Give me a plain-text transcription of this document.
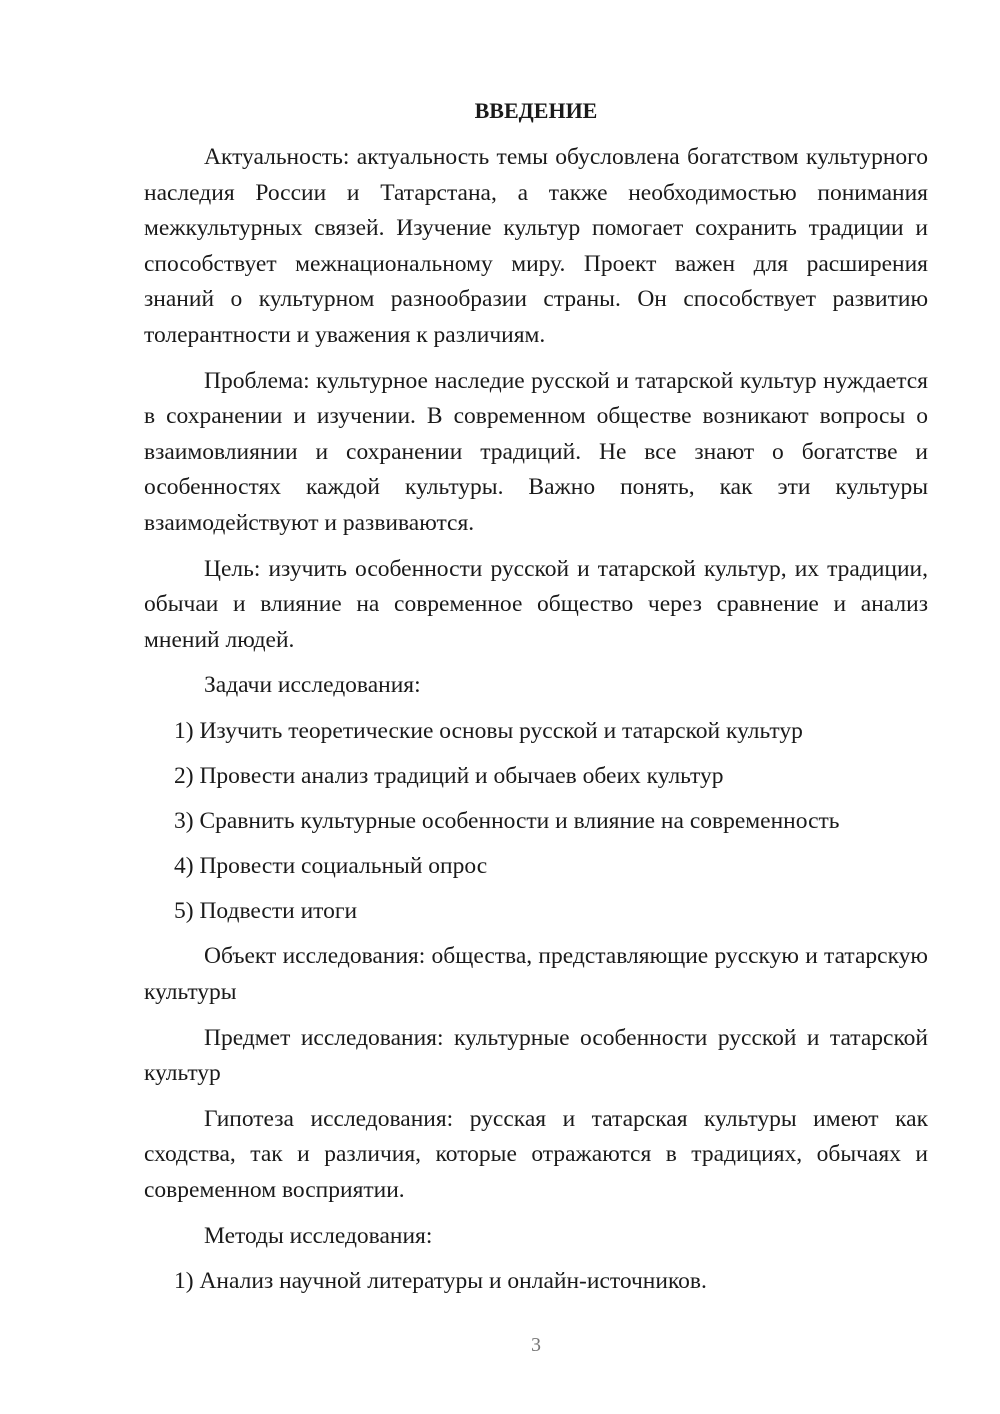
ВВЕДЕНИЕ

Актуальность: актуальность темы обусловлена богатством культурного наследия России и Татарстана, а также необходимостью понимания межкультурных связей. Изучение культур помогает сохранить традиции и способствует межнациональному миру. Проект важен для расширения знаний о культурном разнообразии страны. Он способствует развитию толерантности и уважения к различиям.

Проблема: культурное наследие русской и татарской культур нуждается в сохранении и изучении. В современном обществе возникают вопросы о взаимовлиянии и сохранении традиций. Не все знают о богатстве и особенностях каждой культуры. Важно понять, как эти культуры взаимодействуют и развиваются.

Цель: изучить особенности русской и татарской культур, их традиции, обычаи и влияние на современное общество через сравнение и анализ мнений людей.

Задачи исследования:

1) Изучить теоретические основы русской и татарской культур
2) Провести анализ традиций и обычаев обеих культур
3) Сравнить культурные особенности и влияние на современность
4) Провести социальный опрос
5) Подвести итоги

Объект исследования: общества, представляющие русскую и татарскую культуры

Предмет исследования: культурные особенности русской и татарской культур

Гипотеза исследования: русская и татарская культуры имеют как сходства, так и различия, которые отражаются в традициях, обычаях и современном восприятии.

Методы исследования:

1) Анализ научной литературы и онлайн-источников.
3
